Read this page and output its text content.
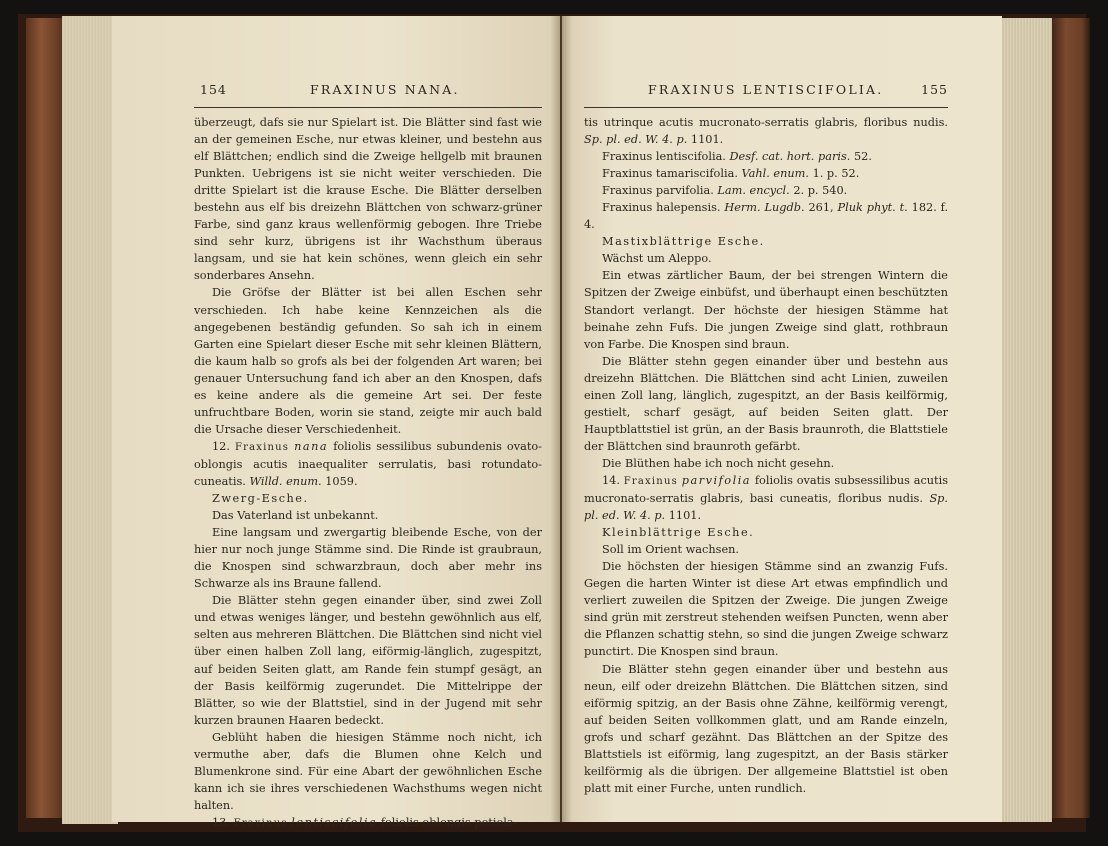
154	FRAXINUS NANA.

überzeugt, dafs sie nur Spielart ist. Die Blätter sind fast wie an der gemeinen Esche, nur etwas kleiner, und bestehn aus elf Blättchen; endlich sind die Zweige hellgelb mit braunen Punkten. Uebrigens ist sie nicht weiter verschieden. Die dritte Spielart ist die krause Esche. Die Blätter derselben bestehn aus elf bis dreizehn Blättchen von schwarz-grüner Farbe, sind ganz kraus wellenförmig gebogen. Ihre Triebe sind sehr kurz, übrigens ist ihr Wachsthum überaus langsam, und sie hat kein schönes, wenn gleich ein sehr sonderbares Ansehn.

Die Gröfse der Blätter ist bei allen Eschen sehr verschieden. Ich habe keine Kennzeichen als die angegebenen beständig gefunden. So sah ich in einem Garten eine Spielart dieser Esche mit sehr kleinen Blättern, die kaum halb so grofs als bei der folgenden Art waren; bei genauer Untersuchung fand ich aber an den Knospen, dafs es keine andere als die gemeine Art sei. Der feste unfruchtbare Boden, worin sie stand, zeigte mir auch bald die Ursache dieser Verschiedenheit.

12. Fraxinus nana foliolis sessilibus subundenis ovato-oblongis acutis inaequaliter serrulatis, basi rotundato-cuneatis. Willd. enum. 1059.

Zwerg-Esche.

Das Vaterland ist unbekannt.

Eine langsam und zwergartig bleibende Esche, von der hier nur noch junge Stämme sind. Die Rinde ist graubraun, die Knospen sind schwarzbraun, doch aber mehr ins Schwarze als ins Braune fallend.

Die Blätter stehn gegen einander über, sind zwei Zoll und etwas weniges länger, und bestehn gewöhnlich aus elf, selten aus mehreren Blättchen. Die Blättchen sind nicht viel über einen halben Zoll lang, eiförmig-länglich, zugespitzt, auf beiden Seiten glatt, am Rande fein stumpf gesägt, an der Basis keilförmig zugerundet. Die Mittelrippe der Blätter, so wie der Blattstiel, sind in der Jugend mit sehr kurzen braunen Haaren bedeckt.

Geblüht haben die hiesigen Stämme noch nicht, ich vermuthe aber, dafs die Blumen ohne Kelch und Blumenkrone sind. Für eine Abart der gewöhnlichen Esche kann ich sie ihres verschiedenen Wachsthums wegen nicht halten.

13. Fraxinus lentiscifolia foliolis oblongis petiola-

FRAXINUS LENTISCIFOLIA.	155

tis utrinque acutis mucronato-serratis glabris, floribus nudis. Sp. pl. ed. W. 4. p. 1101.

Fraxinus lentiscifolia. Desf. cat. hort. paris. 52.

Fraxinus tamariscifolia. Vahl. enum. 1. p. 52.

Fraxinus parvifolia. Lam. encycl. 2. p. 540.

Fraxinus halepensis. Herm. Lugdb. 261, Pluk phyt. t. 182. f. 4.

Mastixblättrige Esche.

Wächst um Aleppo.

Ein etwas zärtlicher Baum, der bei strengen Wintern die Spitzen der Zweige einbüfst, und überhaupt einen beschützten Standort verlangt. Der höchste der hiesigen Stämme hat beinahe zehn Fufs. Die jungen Zweige sind glatt, rothbraun von Farbe. Die Knospen sind braun.

Die Blätter stehn gegen einander über und bestehn aus dreizehn Blättchen. Die Blättchen sind acht Linien, zuweilen einen Zoll lang, länglich, zugespitzt, an der Basis keilförmig, gestielt, scharf gesägt, auf beiden Seiten glatt. Der Hauptblattstiel ist grün, an der Basis braunroth, die Blattstiele der Blättchen sind braunroth gefärbt.

Die Blüthen habe ich noch nicht gesehn.

14. Fraxinus parvifolia foliolis ovatis subsessilibus acutis mucronato-serratis glabris, basi cuneatis, floribus nudis. Sp. pl. ed. W. 4. p. 1101.

Kleinblättrige Esche.

Soll im Orient wachsen.

Die höchsten der hiesigen Stämme sind an zwanzig Fufs. Gegen die harten Winter ist diese Art etwas empfindlich und verliert zuweilen die Spitzen der Zweige. Die jungen Zweige sind grün mit zerstreut stehenden weifsen Puncten, wenn aber die Pflanzen schattig stehn, so sind die jungen Zweige schwarz punctirt. Die Knospen sind braun.

Die Blätter stehn gegen einander über und bestehn aus neun, eilf oder dreizehn Blättchen. Die Blättchen sitzen, sind eiförmig spitzig, an der Basis ohne Zähne, keilförmig verengt, auf beiden Seiten vollkommen glatt, und am Rande einzeln, grofs und scharf gezähnt. Das Blättchen an der Spitze des Blattstiels ist eiförmig, lang zugespitzt, an der Basis stärker keilförmig als die übrigen. Der allgemeine Blattstiel ist oben platt mit einer Furche, unten rundlich.
